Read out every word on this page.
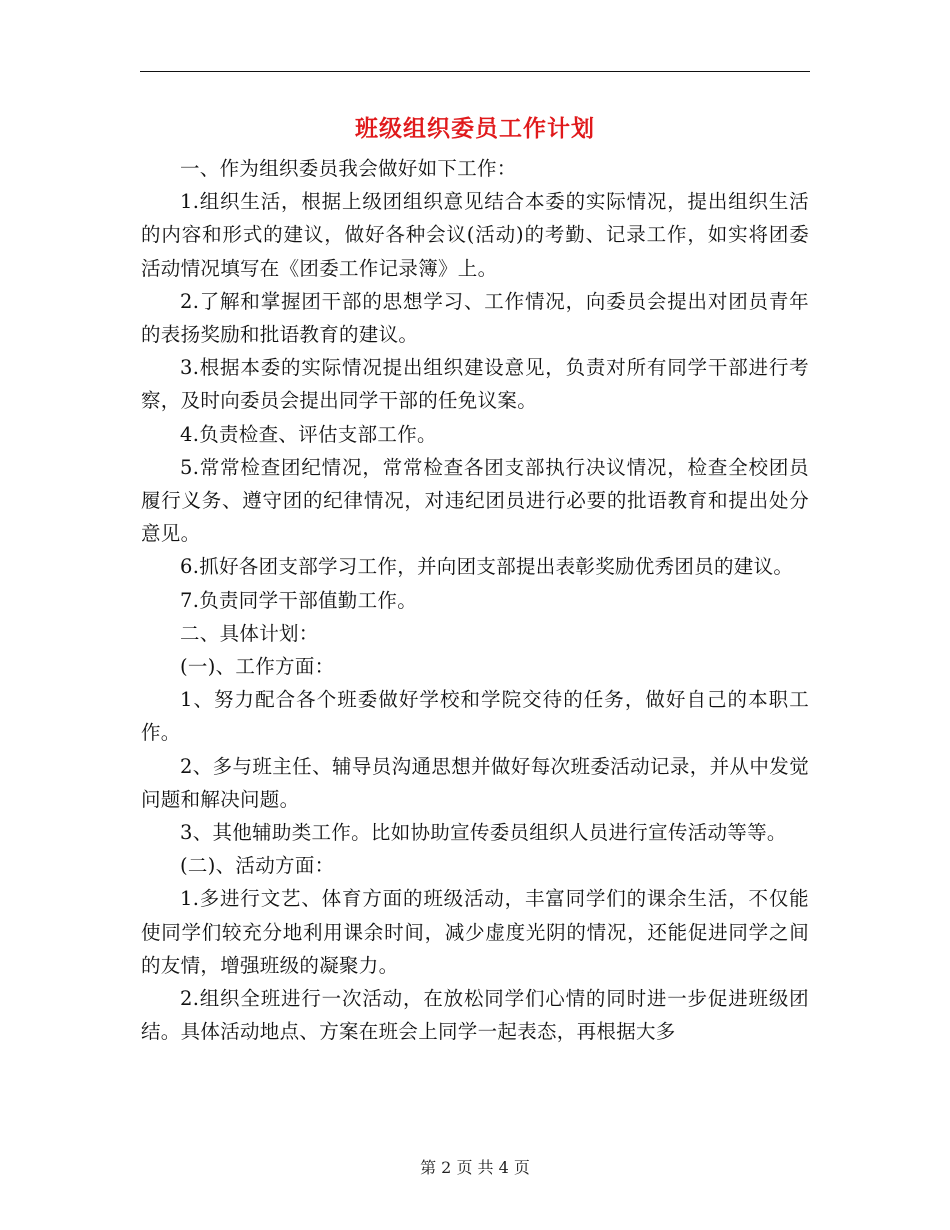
班级组织委员工作计划

一、作为组织委员我会做好如下工作：

1.组织生活，根据上级团组织意见结合本委的实际情况，提出组织生活的内容和形式的建议，做好各种会议(活动)的考勤、记录工作，如实将团委活动情况填写在《团委工作记录簿》上。

2.了解和掌握团干部的思想学习、工作情况，向委员会提出对团员青年的表扬奖励和批语教育的建议。

3.根据本委的实际情况提出组织建设意见，负责对所有同学干部进行考察，及时向委员会提出同学干部的任免议案。

4.负责检查、评估支部工作。

5.常常检查团纪情况，常常检查各团支部执行决议情况，检查全校团员履行义务、遵守团的纪律情况，对违纪团员进行必要的批语教育和提出处分意见。

6.抓好各团支部学习工作，并向团支部提出表彰奖励优秀团员的建议。

7.负责同学干部值勤工作。

二、具体计划：

(一)、工作方面：

1、努力配合各个班委做好学校和学院交待的任务，做好自己的本职工作。

2、多与班主任、辅导员沟通思想并做好每次班委活动记录，并从中发觉问题和解决问题。

3、其他辅助类工作。比如协助宣传委员组织人员进行宣传活动等等。

(二)、活动方面：

1.多进行文艺、体育方面的班级活动，丰富同学们的课余生活，不仅能使同学们较充分地利用课余时间，减少虚度光阴的情况，还能促进同学之间的友情，增强班级的凝聚力。

2.组织全班进行一次活动，在放松同学们心情的同时进一步促进班级团结。具体活动地点、方案在班会上同学一起表态，再根据大多

第 2 页 共 4 页
